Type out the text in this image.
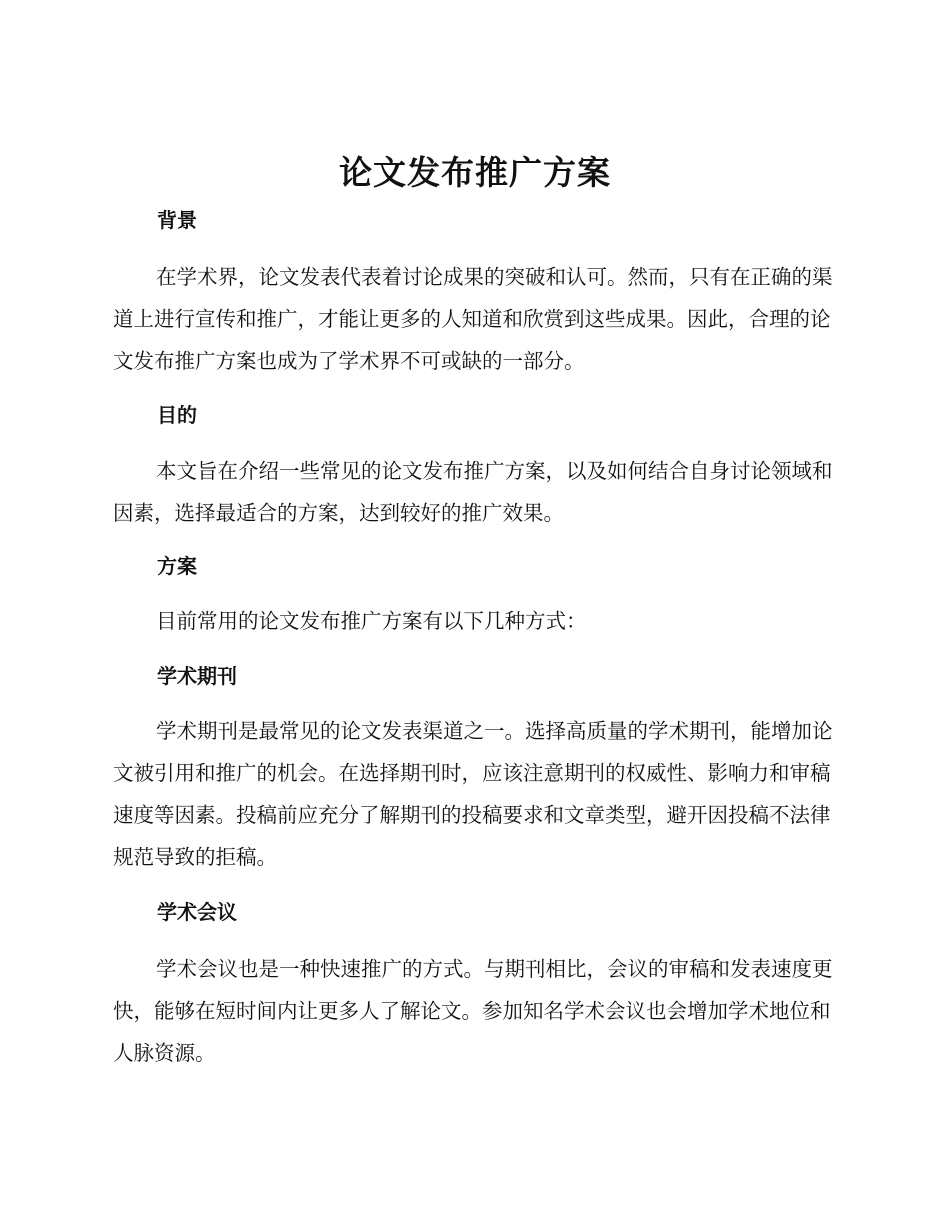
论文发布推广方案
背景

在学术界，论文发表代表着讨论成果的突破和认可。然而，只有在正确的渠道上进行宣传和推广，才能让更多的人知道和欣赏到这些成果。因此，合理的论文发布推广方案也成为了学术界不可或缺的一部分。

目的

本文旨在介绍一些常见的论文发布推广方案，以及如何结合自身讨论领域和因素，选择最适合的方案，达到较好的推广效果。

方案

目前常用的论文发布推广方案有以下几种方式：

学术期刊

学术期刊是最常见的论文发表渠道之一。选择高质量的学术期刊，能增加论文被引用和推广的机会。在选择期刊时，应该注意期刊的权威性、影响力和审稿速度等因素。投稿前应充分了解期刊的投稿要求和文章类型，避开因投稿不法律规范导致的拒稿。

学术会议

学术会议也是一种快速推广的方式。与期刊相比，会议的审稿和发表速度更快，能够在短时间内让更多人了解论文。参加知名学术会议也会增加学术地位和人脉资源。
